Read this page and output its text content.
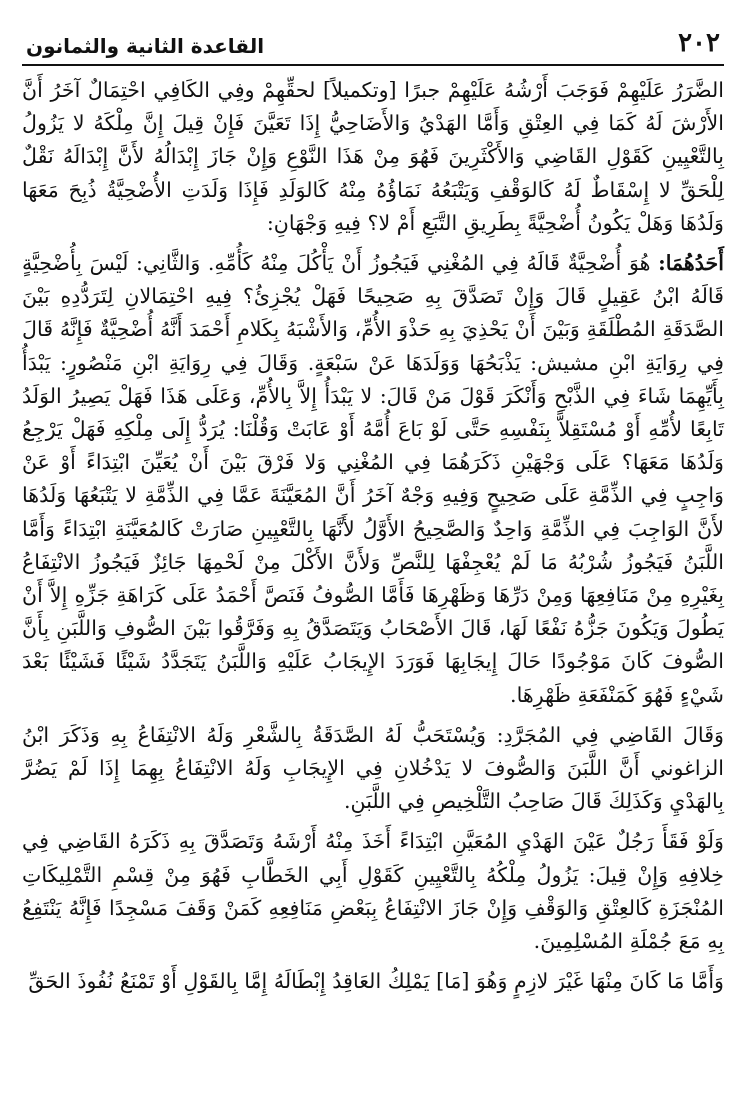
٢٠٢
القاعدة الثانية والثمانون

الضَّرَرُ عَلَيْهِمْ فَوَجَبَ أَرْشُهُ عَلَيْهِمْ جبرًا [وتكميلاً] لحقِّهِمْ وفِي الكَافِي احْتِمَالٌ آخَرُ أَنَّ الأَرْشَ لَهُ كَمَا فِي العِتْقِ وَأَمَّا الهَدْيُ وَالأَضَاحِيُّ إِذَا تَعَيَّنَ فَإِنْ قِيلَ إِنَّ مِلْكَهُ لا يَزُولُ بِالتَّعْيِينِ كَقَوْلِ القَاضِي وَالأَكْثَرِينَ فَهُوَ مِنْ هَذَا النَّوْعِ وَإِنْ جَازَ إِبْدَالُهُ لأَنَّ إِبْدَالَهُ نَقْلٌ لِلْحَقِّ لا إِسْقَاطٌ لَهُ كَالوَقْفِ وَيَتْبَعُهُ نَمَاؤُهُ مِنْهُ كَالوَلَدِ فَإِذَا وَلَدَتِ الأُضْحِيَّةُ ذُبِحَ مَعَهَا وَلَدُهَا وَهَلْ يَكُونُ أُضْحِيَّةً بِطَرِيقِ التَّبَعِ أَمْ لا؟ فِيهِ وَجْهَانِ:

أَحَدُهُمَا: هُوَ أُضْحِيَّةٌ قَالَهُ فِي المُغْنِي فَيَجُوزُ أَنْ يَأْكُلَ مِنْهُ كَأُمِّهِ. وَالثَّانِي: لَيْسَ بِأُضْحِيَّةٍ قَالَهُ ابْنُ عَقِيلٍ قَالَ وَإِنْ تَصَدَّقَ بِهِ صَحِيحًا فَهَلْ يُجْزِئُ؟ فِيهِ احْتِمَالانِ لِتَرَدُّدِهِ بَيْنَ الصَّدَقَةِ المُطْلَقَةِ وَبَيْنَ أَنْ يَحْذِيَ بِهِ حَذْوَ الأُمِّ، وَالأَشْبَهُ بِكَلامِ أَحْمَدَ أَنَّهُ أُضْحِيَّةٌ فَإِنَّهُ قَالَ فِي رِوَايَةِ ابْنِ مشيش: يَذْبَحُهَا وَوَلَدَهَا عَنْ سَبْعَةٍ. وَقَالَ فِي رِوَايَةِ ابْنِ مَنْصُورٍ: يَبْدَأُ بِأَيِّهِمَا شَاءَ فِي الذَّبْحِ وَأَنْكَرَ قَوْلَ مَنْ قَالَ: لا يَبْدَأُ إِلاَّ بِالأُمِّ، وَعَلَى هَذَا فَهَلْ يَصِيرُ الوَلَدُ تَابِعًا لأُمِّهِ أَوْ مُسْتَقِلاًّ بِنَفْسِهِ حَتَّى لَوْ بَاعَ أُمَّهُ أَوْ عَابَتْ وَقُلْنَا: يُرَدُّ إِلَى مِلْكِهِ فَهَلْ يَرْجِعُ وَلَدُهَا مَعَهَا؟ عَلَى وَجْهَيْنِ ذَكَرَهُمَا فِي المُغْنِي وَلا فَرْقَ بَيْنَ أَنْ يُعَيِّنَ ابْتِدَاءً أَوْ عَنْ وَاجِبٍ فِي الذِّمَّةِ عَلَى صَحِيحٍ وَفِيهِ وَجْهٌ آخَرُ أَنَّ المُعَيَّنَةَ عَمَّا فِي الذِّمَّةِ لا يَتْبَعُهَا وَلَدُهَا لأَنَّ الوَاجِبَ فِي الذِّمَّةِ وَاحِدٌ وَالصَّحِيحُ الأَوَّلُ لأَنَّهَا بِالتَّعْيِينِ صَارَتْ كَالمُعَيَّنَةِ ابْتِدَاءً وَأَمَّا اللَّبَنُ فَيَجُوزُ شُرْبُهُ مَا لَمْ يُعْجِفْهَا لِلنَّصِّ وَلأَنَّ الأَكْلَ مِنْ لَحْمِهَا جَائِزٌ فَيَجُوزُ الانْتِفَاعُ بِغَيْرِهِ مِنْ مَنَافِعِهَا وَمِنْ دَرِّهَا وَظَهْرِهَا فَأَمَّا الصُّوفُ فَنَصَّ أَحْمَدُ عَلَى كَرَاهَةِ جَزِّهِ إِلاَّ أَنْ يَطُولَ وَيَكُونَ جَزُّهُ نَفْعًا لَهَا، قَالَ الأَصْحَابُ وَيَتَصَدَّقُ بِهِ وَفَرَّقُوا بَيْنَ الصُّوفِ وَاللَّبَنِ بِأَنَّ الصُّوفَ كَانَ مَوْجُودًا حَالَ إِيجَابِهَا فَوَرَدَ الإِيجَابُ عَلَيْهِ وَاللَّبَنُ يَتَجَدَّدُ شَيْئًا فَشَيْئًا بَعْدَ شَيْءٍ فَهُوَ كَمَنْفَعَةِ ظَهْرِهَا.

وَقَالَ القَاضِي فِي المُجَرَّدِ: وَيُسْتَحَبُّ لَهُ الصَّدَقَةُ بِالشَّعْرِ وَلَهُ الانْتِفَاعُ بِهِ وَذَكَرَ ابْنُ الزاغوني أَنَّ اللَّبَنَ وَالصُّوفَ لا يَدْخُلانِ فِي الإِيجَابِ وَلَهُ الانْتِفَاعُ بِهِمَا إِذَا لَمْ يَضُرَّ بِالهَدْيِ وَكَذَلِكَ قَالَ صَاحِبُ التَّلْخِيصِ فِي اللَّبَنِ.

وَلَوْ فَقَأَ رَجُلٌ عَيْنَ الهَدْيِ المُعَيَّنِ ابْتِدَاءً أَخَذَ مِنْهُ أَرْشَهُ وَتَصَدَّقَ بِهِ ذَكَرَهُ القَاضِي فِي خِلافِهِ وَإِنْ قِيلَ: يَزُولُ مِلْكُهُ بِالتَّعْيِينِ كَقَوْلِ أَبِي الخَطَّابِ فَهُوَ مِنْ قِسْمِ التَّمْلِيكَاتِ المُنْجَزَةِ كَالعِتْقِ وَالوَقْفِ وَإِنْ جَازَ الانْتِفَاعُ بِبَعْضِ مَنَافِعِهِ كَمَنْ وَقَفَ مَسْجِدًا فَإِنَّهُ يَنْتَفِعُ بِهِ مَعَ جُمْلَةِ المُسْلِمِينَ.

وَأَمَّا مَا كَانَ مِنْهَا غَيْرَ لازِمٍ وَهُوَ [مَا] يَمْلِكُ العَاقِدُ إِبْطَالَهُ إِمَّا بِالقَوْلِ أَوْ تَمْنَعُ نُفُوذَ الحَقِّ
